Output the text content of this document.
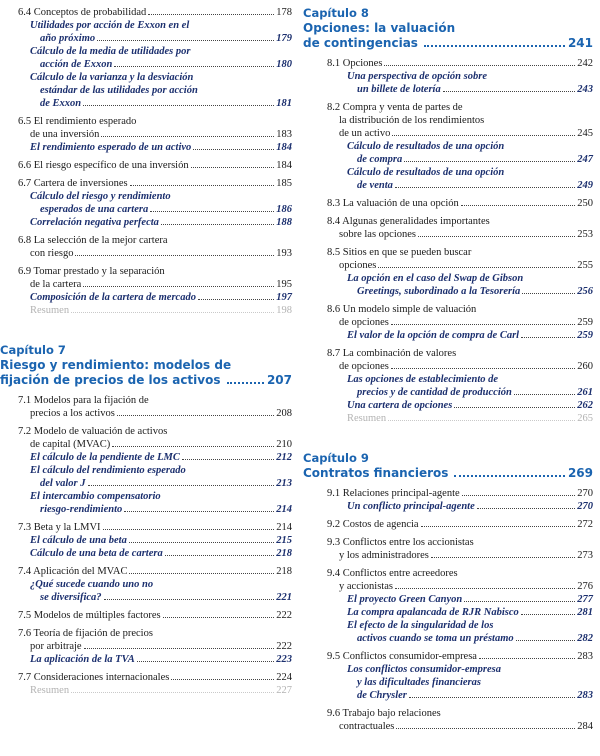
6.4 Conceptos de probabilidad	178
Utilidades por acción de Exxon en el
año próximo	179
Cálculo de la media de utilidades por
acción de Exxon	180
Cálculo de la varianza y la desviación
estándar de las utilidades por acción
de Exxon	181
6.5 El rendimiento esperado
de una inversión	183
El rendimiento esperado de un activo	184
6.6 El riesgo específico de una inversión	184
6.7 Cartera de inversiones	185
Cálculo del riesgo y rendimiento
esperados de una cartera	186
Correlación negativa perfecta	188
6.8 La selección de la mejor cartera
con riesgo	193
6.9 Tomar prestado y la separación
de la cartera	195
Composición de la cartera de mercado	197
Resumen	198
Capítulo 7
Riesgo y rendimiento: modelos de
fijación de precios de los activos	207
7.1 Modelos para la fijación de
precios a los activos	208
7.2 Modelo de valuación de activos
de capital (MVAC)	210
El cálculo de la pendiente de LMC	212
El cálculo del rendimiento esperado
del valor J	213
El intercambio compensatorio
riesgo-rendimiento	214
7.3 Beta y la LMVI	214
El cálculo de una beta	215
Cálculo de una beta de cartera	218
7.4 Aplicación del MVAC	218
¿Qué sucede cuando uno no
se diversifica?	221
7.5 Modelos de múltiples factores	222
7.6 Teoría de fijación de precios
por arbitraje	222
La aplicación de la TVA	223
7.7 Consideraciones internacionales	224
Resumen	227
Capítulo 8
Opciones: la valuación
de contingencias	241
8.1 Opciones	242
Una perspectiva de opción sobre
un billete de lotería	243
8.2 Compra y venta de partes de
la distribución de los rendimientos
de un activo	245
Cálculo de resultados de una opción
de compra	247
Cálculo de resultados de una opción
de venta	249
8.3 La valuación de una opción	250
8.4 Algunas generalidades importantes
sobre las opciones	253
8.5 Sitios en que se pueden buscar
opciones	255
La opción en el caso del Swap de Gibson
Greetings, subordinado a la Tesorería	256
8.6 Un modelo simple de valuación
de opciones	259
El valor de la opción de compra de Carl	259
8.7 La combinación de valores
de opciones	260
Las opciones de establecimiento de
precios y de cantidad de producción	261
Una cartera de opciones	262
Resumen	265
Capítulo 9
Contratos financieros	269
9.1 Relaciones principal-agente	270
Un conflicto principal-agente	270
9.2 Costos de agencia	272
9.3 Conflictos entre los accionistas
y los administradores	273
9.4 Conflictos entre acreedores
y accionistas	276
El proyecto Green Canyon	277
La compra apalancada de RJR Nabisco	281
El efecto de la singularidad de los
activos cuando se toma un préstamo	282
9.5 Conflictos consumidor-empresa	283
Los conflictos consumidor-empresa
y las dificultades financieras
de Chrysler	283
9.6 Trabajo bajo relaciones
contractuales	284
